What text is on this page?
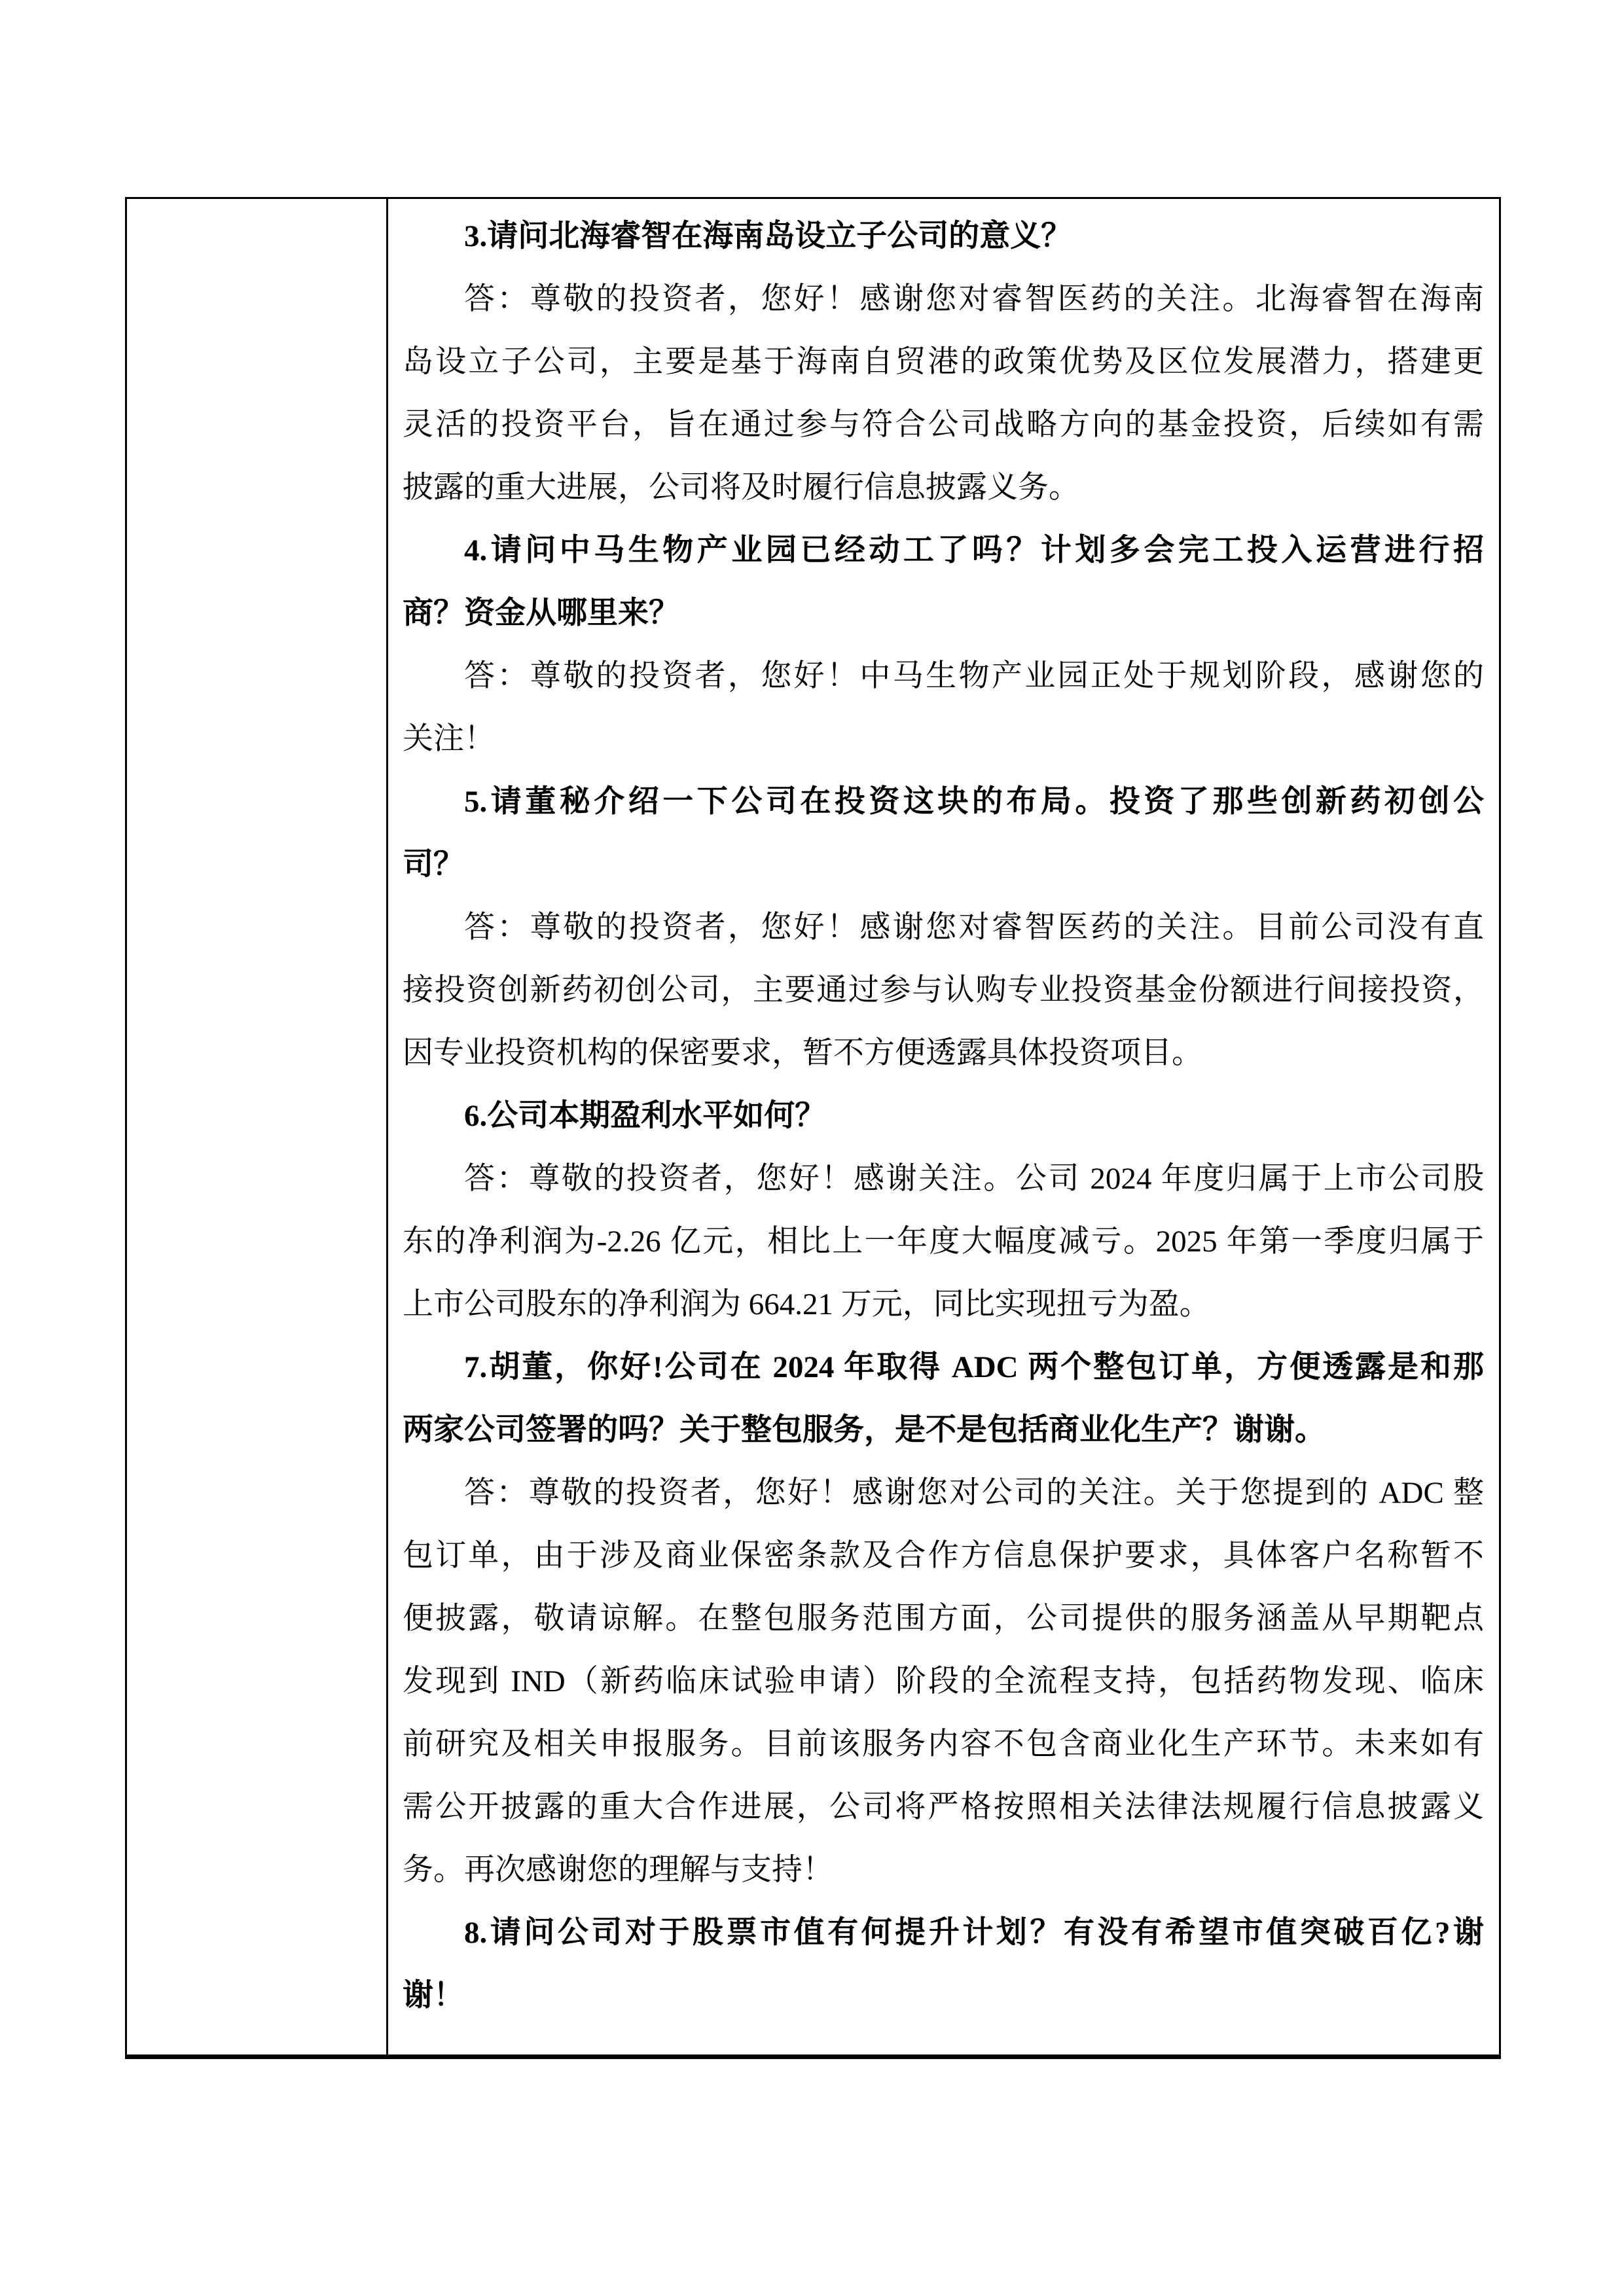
3.请问北海睿智在海南岛设立子公司的意义？
答：尊敬的投资者，您好！感谢您对睿智医药的关注。北海睿智在海南
岛设立子公司，主要是基于海南自贸港的政策优势及区位发展潜力，搭建更
灵活的投资平台，旨在通过参与符合公司战略方向的基金投资，后续如有需
披露的重大进展，公司将及时履行信息披露义务。
4.请问中马生物产业园已经动工了吗？计划多会完工投入运营进行招
商？资金从哪里来？
答：尊敬的投资者，您好！中马生物产业园正处于规划阶段，感谢您的
关注！
5.请董秘介绍一下公司在投资这块的布局。投资了那些创新药初创公
司？
答：尊敬的投资者，您好！感谢您对睿智医药的关注。目前公司没有直
接投资创新药初创公司，主要通过参与认购专业投资基金份额进行间接投资，
因专业投资机构的保密要求，暂不方便透露具体投资项目。
6.公司本期盈利水平如何？
答：尊敬的投资者，您好！感谢关注。公司 2024 年度归属于上市公司股
东的净利润为-2.26 亿元，相比上一年度大幅度减亏。2025 年第一季度归属于
上市公司股东的净利润为 664.21 万元，同比实现扭亏为盈。
7.胡董，你好!公司在 2024 年取得 ADC 两个整包订单，方便透露是和那
两家公司签署的吗？关于整包服务，是不是包括商业化生产？谢谢。
答：尊敬的投资者，您好！感谢您对公司的关注。关于您提到的 ADC 整
包订单，由于涉及商业保密条款及合作方信息保护要求，具体客户名称暂不
便披露，敬请谅解。在整包服务范围方面，公司提供的服务涵盖从早期靶点
发现到 IND（新药临床试验申请）阶段的全流程支持，包括药物发现、临床
前研究及相关申报服务。目前该服务内容不包含商业化生产环节。未来如有
需公开披露的重大合作进展，公司将严格按照相关法律法规履行信息披露义
务。再次感谢您的理解与支持！
8.请问公司对于股票市值有何提升计划？有没有希望市值突破百亿?谢
谢！
